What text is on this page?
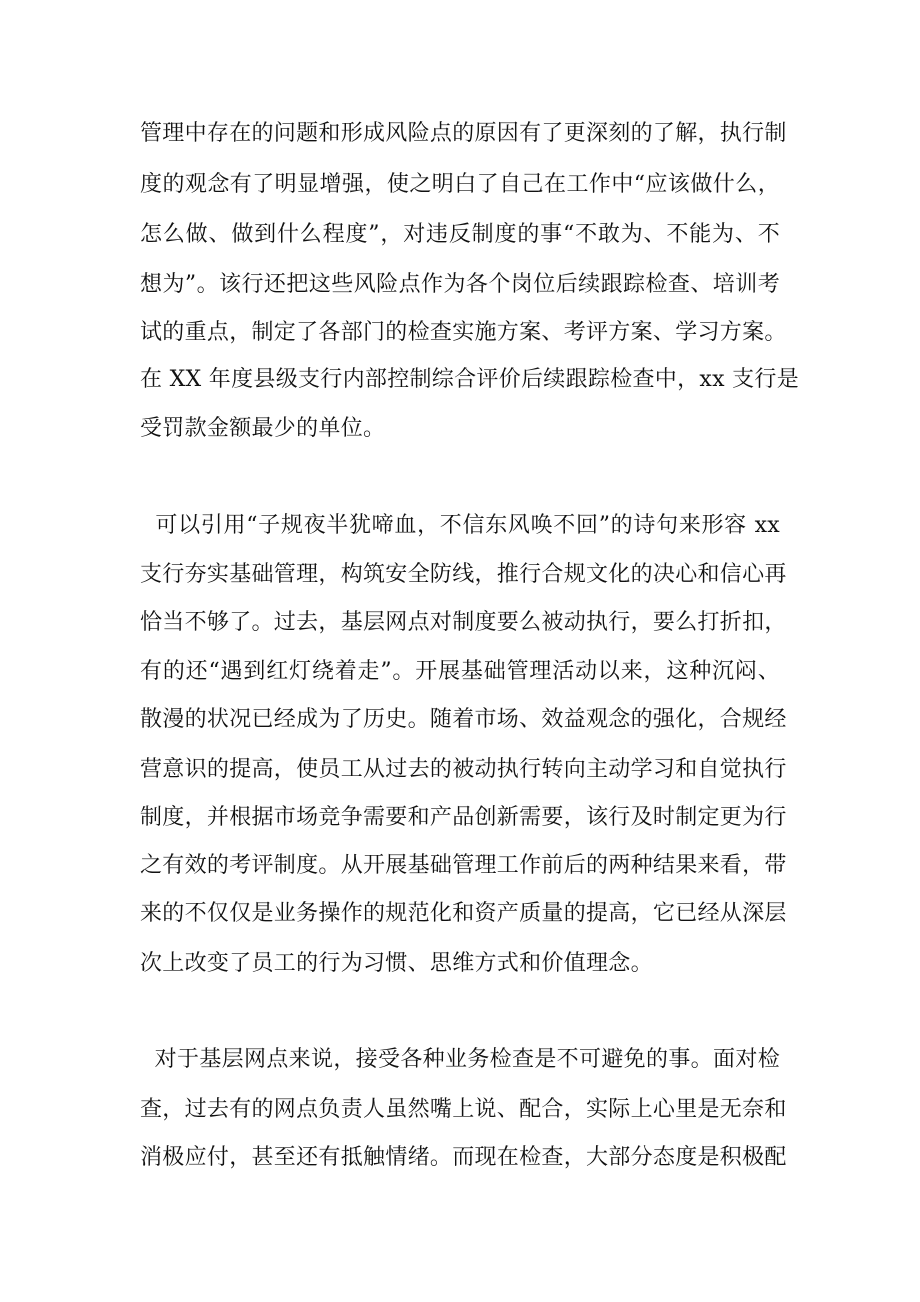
管理中存在的问题和形成风险点的原因有了更深刻的了解，执行制
度的观念有了明显增强，使之明白了自己在工作中“应该做什么，
怎么做、做到什么程度”，对违反制度的事“不敢为、不能为、不
想为”。该行还把这些风险点作为各个岗位后续跟踪检查、培训考
试的重点，制定了各部门的检查实施方案、考评方案、学习方案。
在 XX 年度县级支行内部控制综合评价后续跟踪检查中，xx 支行是
受罚款金额最少的单位。
可以引用“子规夜半犹啼血，不信东风唤不回”的诗句来形容 xx
支行夯实基础管理，构筑安全防线，推行合规文化的决心和信心再
恰当不够了。过去，基层网点对制度要么被动执行，要么打折扣，
有的还“遇到红灯绕着走”。开展基础管理活动以来，这种沉闷、
散漫的状况已经成为了历史。随着市场、效益观念的强化，合规经
营意识的提高，使员工从过去的被动执行转向主动学习和自觉执行
制度，并根据市场竞争需要和产品创新需要，该行及时制定更为行
之有效的考评制度。从开展基础管理工作前后的两种结果来看，带
来的不仅仅是业务操作的规范化和资产质量的提高，它已经从深层
次上改变了员工的行为习惯、思维方式和价值理念。
对于基层网点来说，接受各种业务检查是不可避免的事。面对检
查，过去有的网点负责人虽然嘴上说、配合，实际上心里是无奈和
消极应付，甚至还有抵触情绪。而现在检查，大部分态度是积极配
